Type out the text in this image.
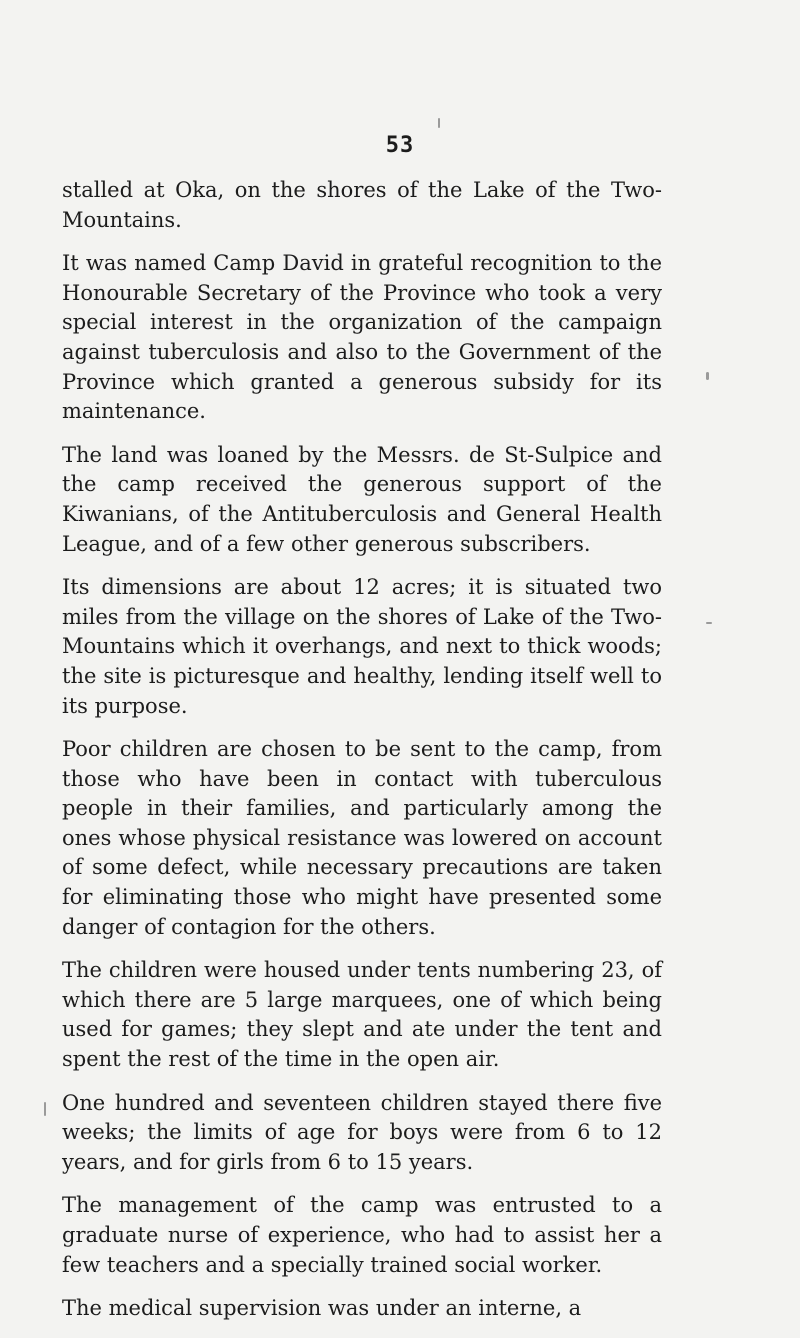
53

stalled at Oka, on the shores of the Lake of the Two-Mountains.

It was named Camp David in grateful recognition to the Honourable Secretary of the Province who took a very special interest in the organization of the campaign against tuberculosis and also to the Government of the Province which granted a generous subsidy for its maintenance.

The land was loaned by the Messrs. de St-Sulpice and the camp received the generous support of the Kiwanians, of the Antituberculosis and General Health League, and of a few other generous subscribers.

Its dimensions are about 12 acres; it is situated two miles from the village on the shores of Lake of the Two-Mountains which it overhangs, and next to thick woods; the site is picturesque and healthy, lending itself well to its purpose.

Poor children are chosen to be sent to the camp, from those who have been in contact with tuberculous people in their families, and particularly among the ones whose physical resistance was lowered on account of some defect, while necessary precautions are taken for eliminating those who might have presented some danger of contagion for the others.

The children were housed under tents numbering 23, of which there are 5 large marquees, one of which being used for games; they slept and ate under the tent and spent the rest of the time in the open air.

One hundred and seventeen children stayed there five weeks; the limits of age for boys were from 6 to 12 years, and for girls from 6 to 15 years.

The management of the camp was entrusted to a graduate nurse of experience, who had to assist her a few teachers and a specially trained social worker.

The medical supervision was under an interne, a
